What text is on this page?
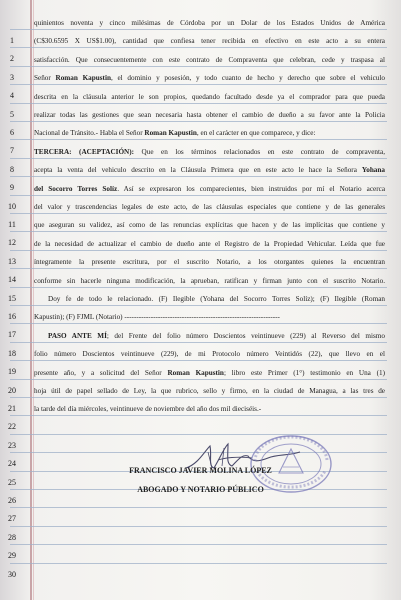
1
2
3
4
5
6
7
8
9
10
11
12
13
14
15
16
17
18
19
20
21
22
23
24
25
26
27
28
29
30
quinientos noventa y cinco milésimas de Córdoba por un Dolar de los Estados Unidos de América
(C$30.6595 X US$1.00), cantidad que confiesa tener recibida en efectivo en este acto a su entera
satisfacción. Que consecuentemente con este contrato de Compraventa que celebran, cede y traspasa al
Señor Roman Kapustin, el dominio y posesión, y todo cuanto de hecho y derecho que sobre el vehiculo
descrita en la cláusula anterior le son propios, quedando facultado desde ya el comprador para que pueda
realizar todas las gestiones que sean necesaria hasta obtener el cambio de dueño a su favor ante la Policia
Nacional de Tránsito.- Habla el Señor Roman Kapustin, en el carácter en que comparece, y dice:
TERCERA: (ACEPTACIÓN): Que en los términos relacionados en este contrato de compraventa,
acepta la venta del vehiculo descrito en la Cláusula Primera que en este acto le hace la Señora Yohana
del Socorro Torres Solíz. Así se expresaron los comparecientes, bien instruidos por mí el Notario acerca
del valor y trascendencias legales de este acto, de las cláusulas especiales que contiene y de las generales
que aseguran su validez, así como de las renuncias explícitas que hacen y de las implícitas que contiene y
de la necesidad de actualizar el cambio de dueño ante el Registro de la Propiedad Vehicular. Leída que fue
íntegramente la presente escritura, por el suscrito Notario, a los otorgantes quienes la encuentran
conforme sin hacerle ninguna modificación, la aprueban, ratifican y firman junto con el suscrito Notario.
Doy fe de todo le relacionado. (F) Ilegible (Yohana del Socorro Torres Solíz); (F) Ilegible (Roman
Kapustin); (F) FJML (Notario) -----------------------------------------------------------------
PASO ANTE MÍ; del Frente del folio número Doscientos veintinueve (229) al Reverso del mismo
folio número Doscientos veintinueve (229), de mi Protocolo número Veintidós (22), que llevo en el
presente año, y a solicitud del Señor Roman Kapustin; libro este Primer (1°) testimonio en Una (1)
hoja útil de papel sellado de Ley, la que rubrico, sello y firmo, en la ciudad de Managua, a las tres de
la tarde del día miércoles, veintinueve de noviembre del año dos mil dieciséis.-
FRANCISCO JAVIER MOLINA LÓPEZ
ABOGADO Y NOTARIO PÚBLICO
